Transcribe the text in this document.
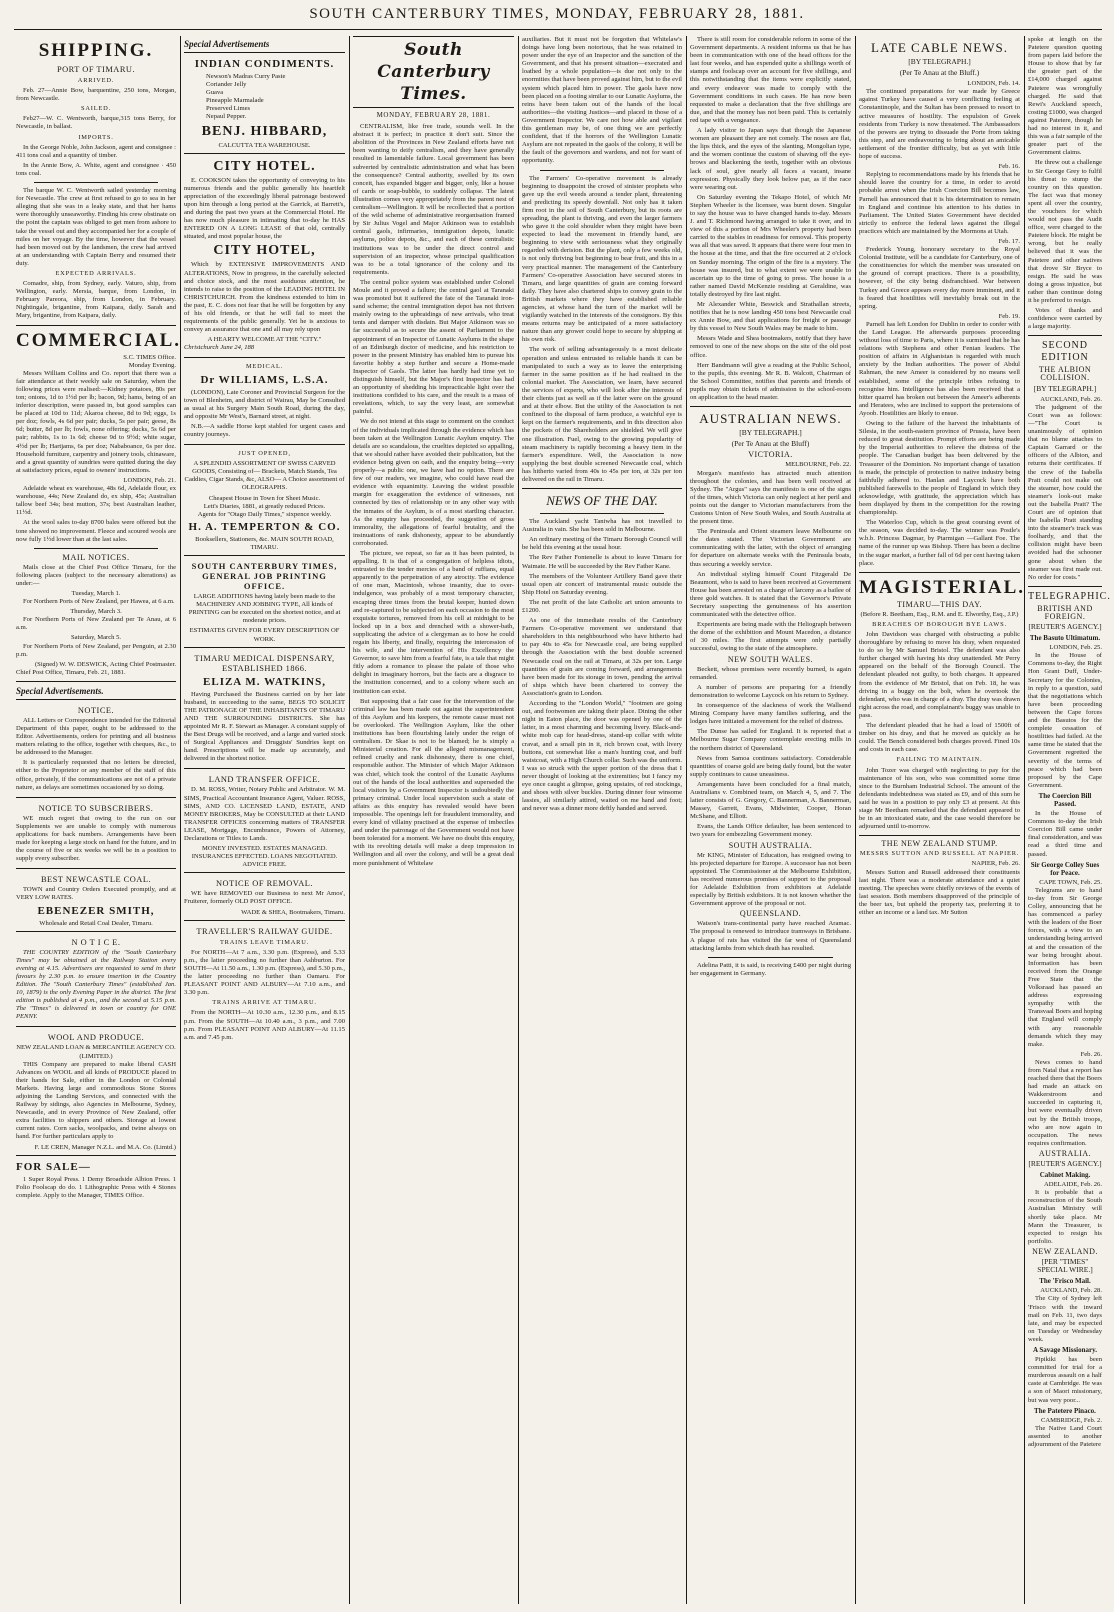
SOUTH CANTERBURY TIMES, MONDAY, FEBRUARY 28, 1881.
SHIPPING.
PORT OF TIMARU.
ARRIVED.

Feb. 27—Annie Bow, barquentine, 250 tons, Morgan, from Newcastle.

SAILED.

Feb27—W. C. Wentworth, barque,315 tons Berry, for Newcastle, in ballast.

IMPORTS.

In the George Noble, John Jackson, agent and consignee : 411 tons coal and a quantity of timber.

In the Annie Bow, A. White, agent and consignee · 450 tons coal.

The barque W. C. Wentworth sailed yesterday morning for Newcastle. The crew at first refused to go to sea in her alleging that she was in a leaky state, and that her hams were thoroughly unseaworthy. Finding his crew obstinate on the point the captain was obliged to get men from ashore to take the vessel out and they accompanied her for a couple of miles on her voyage. By the time, however that the vessel had been moved out by the landsmen, the crew had arrived at an understanding with Captain Berry and resumed their duty.

EXPECTED ARRIVALS.

Comadre, ship, from Sydney, early. Vaturo, ship, from Wellington, early. Mersia, barque, from London, in February Pareora, ship, from London, in February. Nightingale, brigantine, from Kaipara, daily. Sarah and Mary, brigantine, from Kaipara, daily.

COMMERCIAL.
S.C. TIMES Office.
Monday Evening.

Messrs William Collins and Co. report that there was a fair attendance at their weekly sale on Saturday, when the following prices were realised:—Kidney potatoes, 80s per ton; onions, 1d to 1½d per lb; bacon, 9d; hams, being of an inferior description, were passed in, but good samples can be placed at 10d to 11d; Akaroa cheese, 8d to 9d; eggs, 1s per doz; fowls, 4s 6d per pair; ducks, 5s per pair; geese, 8s 6d; butter, 8d per lb; fowls, none offering; ducks, 5s 6d per pair; rabbits, 1s to 1s 6d; cheese 9d to 9½d; white sugar, 4½d per lb; Hartjams, 6s per doz; Nababoance, 6s per doz. Household furniture, carpentry and joinery tools, chinaware, and a great quantity of sundries were quitted during the day at satisfactory prices, equal to owners' instructions.

LONDON, Feb. 21.

Adelaide wheat ex warehouse, 48s 6d, Adelaide flour, ex warehouse, 44s; New Zealand do, ex ship, 45s; Australian tallow beef 34s; best mutton, 37s; best Australian leather, 11½d.

At the wool sales to-day 8700 bales were offered but the tone showed no improvement. Fleece and scoured wools are now fully 1½d lower than at the last sales.

MAIL NOTICES.

Mails close at the Chief Post Office Timaru, for the following places (subject to the necessary alterations) as under:—

Tuesday, March 1.

For Northern Ports of New Zealand, per Hawea, at 6 a.m.

Thursday, March 3.

For Northern Ports of New Zealand per Te Anau, at 6 a.m.

Saturday, March 5.

For Northern Ports of New Zealand, per Penguin, at 2.30 p.m.

(Signed) W. W. DESWICK, Acting Chief Postmaster.

Chief Post Office, Timaru, Feb. 21, 1881.

Special Advertisements.
NOTICE.

ALL Letters or Correspondence intended for the Editorial Department of this paper, ought to be addressed to the Editor. Advertisements, orders for printing and all business matters relating to the office, together with cheques, &c., to be addressed to the Manager.

It is particularly requested that no letters be directed, either to the Proprietor or any member of the staff of this office, privately, if the communications are not of a private nature, as delays are sometimes occasioned by so doing.

NOTICE TO SUBSCRIBERS.

WE much regret that owing to the run on our Supplements we are unable to comply with numerous applications for back numbers. Arrangements have been made for keeping a large stock on hand for the future, and in the course of five or six weeks we will be in a position to supply every subscriber.

BEST NEWCASTLE COAL.

TOWN and Country Orders Executed promptly, and at VERY LOW RATES.

EBENEZER SMITH,
Wholesale and Retail Coal Dealer, Timaru.
N O T I C E.

THE COUNTRY EDITION of the "South Canterbury Times" may be obtained at the Railway Station every evening at 4.15. Advertisers are requested to send in their favours by 2.30 p.m. to ensure insertion in the Country Edition. The "South Canterbury Times" (established Jan. 10, 1879) is the only Evening Paper in the district. The first edition is published at 4 p.m., and the second at 5.15 p.m. The "Times" is delivered in town or country for ONE PENNY.

WOOL AND PRODUCE.
NEW ZEALAND LOAN & MERCANTILE AGENCY CO. (LIMITED.)

THIS Company are prepared to make liberal CASH Advances on WOOL and all kinds of PRODUCE placed in their hands for Sale, either in the London or Colonial Markets. Having large and commodious Stone Stores adjoining the Landing Services, and connected with the Railway by sidings, also Agencies in Melbourne, Sydney, Newcastle, and in every Province of New Zealand, offer extra facilities to shippers and others. Storage at lowest current rates. Corn sacks, woolpacks, and twine always on hand. For further particulars apply to

F. LE CREN, Manager N.Z.L. and M.A. Co. (Limtd.)
FOR SALE—

1 Super Royal Press. 1 Demy Broadside Albion Press. 1 Folio Foolscap do do. 1 Lithographic Press with 4 Stones complete. Apply to the Manager, TIMES Office.

Special Advertisements
INDIAN CONDIMENTS.
Newson's Madras Curry Paste
Coriander Jelly
Guava
Pineapple Marmalade
Preserved Limes
Nepaul Pepper.
BENJ. HIBBARD,
CALCUTTA TEA WAREHOUSE.
CITY HOTEL.

E. COOKSON takes the opportunity of conveying to his numerous friends and the public generally his heartfelt appreciation of the exceedingly liberal patronage bestowed upon him through a long period at the Garrick, at Barrett's, and during the past two years at the Commercial Hotel. He has now much pleasure in intimating that to-day he HAS ENTERED ON A LONG LEASE of that old, centrally situated, and most popular house, the

CITY HOTEL,

Which by EXTENSIVE IMPROVEMENTS AND ALTERATIONS, Now in progress, in the carefully selected and choice stock, and the most assiduous attention, he intends to raise to the position of the LEADING HOTEL IN CHRISTCHURCH. From the kindness extended to him in the past, E. C. does not fear that he will be forgotten by any of his old friends, or that he will fail to meet the requirements of the public generally. Yet he is anxious to convey an assurance that one and all may rely upon

A HEARTY WELCOME AT THE "CITY."

Christchurch June 24, 188

MEDICAL.
Dr WILLIAMS, L.S.A.

(LONDON), Late Coroner and Provincial Surgeon for the town of Blenheim, and district of Wairau, May be Consulted as usual at his Surgery Main South Road, during the day, and opposite Mr West's, Barnard street, at night.

N.B.—A saddle Horse kept stabled for urgent cases and country journeys.

JUST OPENED,

A SPLENDID ASSORTMENT OF SWISS CARVED GOODS, Consisting of— Brackets, Match Stands, Tea Caddies, Cigar Stands, &c, ALSO— A Choice assortment of OLEOGRAPHS.

Cheapest House in Town for Sheet Music.
Lett's Diaries, 1881, at greatly reduced Prices.
Agents for "Otago Daily Times," sixpence weekly.
H. A. TEMPERTON & CO.
Booksellers, Stationers, &c. MAIN SOUTH ROAD, TIMARU.
SOUTH CANTERBURY TIMES, GENERAL JOB PRINTING OFFICE.

LARGE ADDITIONS having lately been made to the MACHINERY AND JOBBING TYPE, All kinds of PRINTING can be executed on the shortest notice, and at moderate prices.

ESTIMATES GIVEN FOR EVERY DESCRIPTION OF WORK.
TIMARU MEDICAL DISPENSARY, ESTABLISHED 1866.
ELIZA M. WATKINS,

Having Purchased the Business carried on by her late husband, in succeeding to the same, BEGS TO SOLICIT THE PATRONAGE OF THE INHABITANTS OF TIMARU AND THE SURROUNDING DISTRICTS. She has appointed Mr R. F. Stewart as Manager. A constant supply of the Best Drugs will be received, and a large and varied stock of Surgical Appliances and Druggists' Sundries kept on hand. Prescriptions will be made up accurately, and delivered in the shortest notice.

LAND TRANSFER OFFICE.

D. M. ROSS, Writer, Notary Public and Arbitrator. W. M. SIMS, Practical Accountant Insurance Agent, Valuer. ROSS, SIMS, AND CO. LICENSED LAND, ESTATE, AND MONEY BROKERS, May be CONSULTED at their LAND TRANSFER OFFICES concerning matters of TRANSFER LEASE, Mortgage, Encumbrance, Powers of Attorney, Declarations or Titles to Lands.

MONEY INVESTED. ESTATES MANAGED. INSURANCES EFFECTED. LOANS NEGOTIATED. ADVICE FREE.
NOTICE OF REMOVAL.

WE have REMOVED our Business to next Mr Amos', Fruiterer, formerly OLD POST OFFICE.

WADE & SHEA, Bootmakers, Timaru.
TRAVELLER'S RAILWAY GUIDE.
TRAINS LEAVE TIMARU.

For NORTH—At 7 a.m., 3.30 p.m. (Express), and 5.33 p.m., the latter proceeding no further than Ashburton. For SOUTH—At 11.50 a.m., 1.30 p.m. (Express), and 5.30 p.m., the latter proceeding no further than Oamaru. For PLEASANT POINT AND ALBURY—At 7.10 a.m., and 3.30 p.m.

TRAINS ARRIVE AT TIMARU.

From the NORTH—At 10.30 a.m., 12.30 p.m., and 8.15 p.m. From the SOUTH—At 10.40 a.m., 3 p.m., and 7.00 p.m. From PLEASANT POINT AND ALBURY—At 11.15 a.m. and 7.45 p.m.

South Canterbury Times.
MONDAY, FEBRUARY 28, 1881.

CENTRALISM, like free trade, sounds well. In the abstract it is perfect; in practice it don't suit. Since the abolition of the Provinces in New Zealand efforts have not been wanting to deify centralism, and they have generally resulted in lamentable failure. Local government has been subverted by centralistic administration and what has been the consequence? Central authority, swelled by its own conceit, has expanded bigger and bigger, only, like a house of cards or soap-bubble, to suddenly collapse. The latest illustration comes very appropriately from the parent nest of centralism—Wellington. It will be recollected that a portion of the wild scheme of administrative reorganisation framed by Sir Julius Vogel and Major Atkinson was to establish central gaols, infirmaries, immigration depots, lunatic asylums, police depots, &c., and each of these centralistic institutions was to be under the direct control and supervision of an inspector, whose principal qualification was to be a total ignorance of the colony and its requirements.

The central police system was established under Colonel Moule and it proved a failure; the central gaol at Taranaki was promoted but it suffered the fate of the Taranaki iron-sand scheme; the central immigration depot has not thriven mainly owing to the upbraidings of new arrivals, who treat tents and damper with disdain. But Major Atkinson was so far successful as to secure the assent of Parliament to the appointment of an Inspector of Lunatic Asylums in the shape of an Edinburgh doctor of medicine, and his restriction to power in the present Ministry has enabled him to pursue his favorite hobby a step further and secure a Home-made Inspector of Gaols. The latter has hardly had time yet to distinguish himself, but the Major's first Inspector has had an opportunity of shedding his impracticable light over the institutions confided to his care, and the result is a mass of revelations, which, to say the very least, are somewhat painful.

We do not intend at this stage to comment on the conduct of the individuals implicated through the evidence which has been taken at the Wellington Lunatic Asylum enquiry. The details are so scandalous, the cruelties depicted so appalling, that we should rather have avoided their publication, but the evidence being given on oath, and the enquiry being—very properly—a public one, we have had no option. There are few of our readers, we imagine, who could have read the evidence with equanimity. Leaving the widest possible margin for exaggeration the evidence of witnesses, not connected by ties of relationship or in any other way with the inmates of the Asylum, is of a most startling character. As the enquiry has proceeded, the suggestion of gross immorality, the allegations of fearful brutality, and the insinuations of rank dishonesty, appear to be abundantly corroborated.

The picture, we repeat, so far as it has been painted, is appalling. It is that of a congregation of helpless idiots, entrusted to the tender mercies of a band of ruffians, equal apparently to the perpetration of any atrocity. The evidence of one man, Macintosh, whose insanity, due to over-indulgence, was probably of a most temporary character, escaping three times from the brutal keeper, hunted down and re-captured to be subjected on each occasion to the most exquisite tortures, removed from his cell at midnight to be locked up in a box and drenched with a shower-bath, supplicating the advice of a clergyman as to how he could regain his liberty, and finally, requiring the intercession of his wife, and the intervention of His Excellency the Governor, to save him from a fearful fate, is a tale that might fitly adorn a romance to please the palate of those who delight in imaginary horrors, but the facts are a disgrace to the institution concerned, and to a colony where such an institution can exist.

But supposing that a fair case for the intervention of the criminal law has been made out against the superintendent of this Asylum and his keepers, the remote cause must not be overlooked. The Wellington Asylum, like the other institutions has been flourishing lately under the reign of centralism. Dr Skae is not to be blamed; he is simply a Ministerial creation. For all the alleged mismanagement, refined cruelty and rank dishonesty, there is one chief, responsible author. The Minister of which Major Atkinson was chief, which took the control of the Lunatic Asylums out of the hands of the local authorities and superseded the local visitors by a Government Inspector is undoubtedly the primary criminal. Under local supervision such a state of affairs as this enquiry has revealed would have been impossible. The openings left for fraudulent immorality, and every kind of villainy practised at the expense of imbeciles and under the patronage of the Government would not have been tolerated for a moment. We have no doubt this enquiry, with its revolting details will make a deep impression in Wellington and all over the colony, and will be a great deal more punishment of Whitelaw

auxiliaries. But it must not be forgotten that Whitelaw's doings have long been notorious, that he was retained in power under the eye of an Inspector and the sanction of the Government, and that his present situation—execrated and loathed by a whole population—is due not only to the enormities that have been proved against him, but to the evil system which placed him in power. The gaols have now been placed on a footing similar to our Lunatic Asylums, the reins have been taken out of the hands of the local authorities—the visiting Justices—and placed in those of a Government Inspector. We care not how able and vigilant this gentleman may be, of one thing we are perfectly confident, that if the horrors of the Wellington Lunatic Asylum are not repeated in the gaols of the colony, it will be the fault of the governors and wardens, and not for want of opportunity.

The Farmers' Co-operative movement is already beginning to disappoint the crowd of sinister prophets who gave up the evil weeds around a tender plant, threatening and predicting its speedy downfall. Not only has it taken firm root in the soil of South Canterbury, but its roots are spreading, the plant is thriving, and even the larger farmers who gave it the cold shoulder when they might have been expected to lead the movement in friendly hand, are beginning to view with seriousness what they originally regarded with derision. But the plant, only a few weeks old, is not only thriving but beginning to bear fruit, and this in a very practical manner. The management of the Canterbury Farmers' Co-operative Association have secured stores in Timaru, and large quantities of grain are coming forward daily. They have also chartered ships to convey grain to the British markets where they have established reliable agencies, at whose hand the turn of the market will be vigilantly watched in the interests of the consignors. By this means returns may be anticipated of a more satisfactory nature than any grower could hope to secure by shipping at his own risk.

The work of selling advantageously is a most delicate operation and unless entrusted to reliable hands it can be manipulated to such a way as to leave the enterprising farmer in the same position as if he had realised in the colonial market. The Association, we learn, have secured the services of experts, who will look after the interests of their clients just as well as if the latter were on the ground and at their elbow. But the utility of the Association is not confined to the disposal of farm produce, a watchful eye is kept on the farmer's requirements, and in this direction also the pockets of the Shareholders are shielded. We will give one illustration. Fuel, owing to the growing popularity of steam machinery is rapidly becoming a heavy item in the farmer's expenditure. Well, the Association is now supplying the best double screened Newcastle coal, which has hitherto varied from 40s to 45s per ton, at 32s per ton delivered on the rail in Timaru.

NEWS OF THE DAY.

The Auckland yacht Taniwha has not travelled to Australia in vain. She has been sold in Melbourne.

An ordinary meeting of the Timaru Borough Council will be held this evening at the usual hour.

The Rev Father Fontenelle is about to leave Timaru for Waimate. He will be succeeded by the Rev Father Kane.

The members of the Volunteer Artillery Band gave their usual open air concert of instrumental music outside the Ship Hotel on Saturday evening.

The net profit of the late Catholic art union amounts to £1200.

As one of the immediate results of the Canterbury Farmers Co-operative movement we understand that shareholders in this neighbourhood who have hitherto had to pay 40s to 45s for Newcastle coal, are being supplied through the Association with the best double screened Newcastle coal on the rail at Timaru, at 32s per ton. Large quantities of grain are coming forward, and arrangements have been made for its storage in town, pending the arrival of ships which have been chartered to convey the Association's grain to London.

According to the "London World," "footmen are going out, and footwomen are taking their place. Dining the other night in Eaton place, the door was opened by one of the latter, in a most charming and becoming livery. Black-and-white mob cap for head-dress, stand-up collar with white cravat, and a small pin in it, rich brown coat, with livery buttons, cut somewhat like a man's hunting coat, and buff waistcoat, with a High Church collar. Such was the uniform. I was so struck with the upper portion of the dress that I never thought of looking at the extremities; but I fancy my eye once caught a glimpse, going upstairs, of red stockings, and shoes with silver buckles. During dinner four winsome lassies, all similarly attired, waited on me hand and foot; and never was a dinner more deftly handed and served.

There is still room for considerable reform in some of the Government departments. A resident informs us that he has been in communication with one of the head offices for the last four weeks, and has expended quite a shillings worth of stamps and foolscap over an account for five shillings, and this notwithstanding that the items were explicitly stated, and every endeavor was made to comply with the Government conditions in such cases. He has now been requested to make a declaration that the five shillings are due, and that the money has not been paid. This is certainly red tape with a vengeance.

A lady visitor to Japan says that though the Japanese women are pleasant they are not comely. The noses are flat, the lips thick, and the eyes of the slanting, Mongolian type, and the women continue the custom of shaving off the eye-brows and blackening the teeth, together with an obvious lack of soul, give nearly all faces a vacant, insane expression. Physically they look below par, as if the race were wearing out.

On Saturday evening the Tekapo Hotel, of which Mr Stephen Wheeler is the licensee, was burnt down. Singular to say the house was to have changed hands to-day. Messrs J. and T. Richmond having arranged to take it over, and in view of this a portion of Mrs Wheeler's property had been carried to the stables in readiness for removal. This property was all that was saved. It appears that there were four men in the house at the time, and that the fire occurred at 2 o'clock on Sunday morning. The origin of the fire is a mystery. The house was insured, but to what extent we were unable to ascertain up to the time of going to press. The house is a rather named David McKenzie residing at Geraldine, was totally destroyed by fire last night.

Mr Alexander White, Beswick and Strathallan streets, notifies that he is now landing 450 tons best Newcastle coal ex Annie Bow, and that applications for freight or passage by this vessel to New South Wales may be made to him.

Messrs Wade and Shea bootmakers, notify that they have removed to one of the new shops on the site of the old post office.

Herr Bandmann will give a reading at the Public School, to the pupils, this evening. Mr R. B. Walcott, Chairman of the School Committee, notifies that parents and friends of pupils may obtain tickets of admission to the school-room on application to the head master.

AUSTRALIAN NEWS.
[BY TELEGRAPH.]
(Per Te Anau at the Bluff)
VICTORIA.
MELBOURNE, Feb. 22.

Morgan's manifesto has attracted much attention throughout the colonies, and has been well received at Sydney. The "Argus" says the manifesto is one of the signs of the times, which Victoria can only neglect at her peril and points out the danger to Victorian manufacturers from the Customs Union of New South Wales, and South Australia at the present time.

The Peninsula and Orient steamers leave Melbourne on the dates stated. The Victorian Government are communicating with the latter, with the object of arranging for departure on alternate weeks with the Peninsula boats, thus securing a weekly service.

An individual styling himself Count Fitzgerald De Beaumont, who is said to have been received at Government House has been arrested on a charge of larceny as a bailee of three gold watches. It is stated that the Governor's Private Secretary suspecting the genuineness of his assertion communicated with the detective office.

Experiments are being made with the Heliograph between the dome of the exhibition and Mount Macedon, a distance of 30 miles. The first attempts were only partially successful, owing to the state of the atmosphere.

NEW SOUTH WALES.

Beckett, whose premises were recently burned, is again remanded.

A number of persons are preparing for a friendly demonstration to welcome Laycock on his return to Sydney.

In consequence of the slackness of work the Wallsend Mining Company have many families suffering, and the lodges have initiated a movement for the relief of distress.

The Dunse has sailed for England. It is reported that a Melbourne Sugar Company contemplate erecting mills in the northern district of Queensland.

News from Samoa continues satisfactory. Considerable quantities of coarse gold are being daily found, but the water supply continues to cause uneasiness.

Arrangements have been concluded for a final match, Australians v. Combined team, on March 4, 5, and 7. The latter consists of G. Gregory, C. Bannerman, A. Bannerman, Massey, Garrett, Evans, Midwinter, Cooper, Horan McShane, and Elliott.

Evans, the Lands Office defaulter, has been sentenced to two years for embezzling Government money.

SOUTH AUSTRALIA.

Mr KING, Minister of Education, has resigned owing to his projected departure for Europe. A successor has not been appointed. The Commissioner at the Melbourne Exhibition, has received numerous promises of support to the proposal for Adelaide Exhibition from exhibitors at Adelaide especially by British exhibitors. It is not known whether the Government approve of the proposal or not.

QUEENSLAND.

Watson's trans-continental party have reached Aramac. The proposal is renewed to introduce tramways in Brisbane. A plague of rats has visited the far west of Queensland attacking lambs from which death has resulted.

Adelina Patti, it is said, is receiving £400 per night during her engagement in Germany.

LATE CABLE NEWS.
[BY TELEGRAPH.]
(Per Te Anau at the Bluff.)
LONDON, Feb. 14.

The continued preparations for war made by Greece against Turkey have caused a very conflicting feeling at Constantinople, and the Sultan has been pressed to resort to active measures of hostility. The expulsion of Greek residents from Turkey is now threatened. The Ambassadors of the powers are trying to dissuade the Porte from taking this step, and are endeavouring to bring about an amicable settlement of the frontier difficulty, but as yet with little hope of success.

Feb. 16.

Replying to recommendations made by his friends that he should leave the country for a time, in order to avoid probable arrest when the Irish Coercion Bill becomes law, Parnell has announced that it is his determination to remain in England and continue his attention to his duties in Parliament. The United States Government have decided strictly to enforce the federal laws against the illegal practices which are maintained by the Mormons at Utah.

Feb. 17.

Frederick Young, honorary secretary to the Royal Colonial Institute, will be a candidate for Canterbury, one of the constituencies for which the member was unseated on the ground of corrupt practices. There is a possibility, however, of the city being disfranchised. War between Turkey and Greece appears every day more imminent, and it is feared that hostilities will inevitably break out in the spring.

Feb. 19.

Parnell has left London for Dublin in order to confer with the Land League. He afterwards purposes proceeding without loss of time to Paris, where it is surmised that he has relations with Stephens and other Fenian leaders. The position of affairs in Afghanistan is regarded with much anxiety by the Indian authorities. The power of Abdul Rahman, the new Ameer is considered by no means well established, some of the principle tribes refusing to recognise him. Intelligence has also been received that a bitter quarrel has broken out between the Ameer's adherents and Heratees, who are inclined to support the pretensions of Ayoob. Hostilities are likely to ensue.

Owing to the failure of the harvest the inhabitants of Silesia, in the south-eastern province of Prussia, have been reduced to great destitution. Prompt efforts are being made by the Imperial authorities to relieve the distress of the people. The Canadian budget has been delivered by the Treasurer of the Dominion. No important change of taxation is made, the principle of protection to native industry being faithfully adhered to. Hanlan and Laycock have both published farewells to the people of England in which they acknowledge, with gratitude, the appreciation which has been displayed by them in the competition for the rowing championship.

The Waterloo Cup, which is the great coursing event of the season, was decided to-day. The winner was Postle's w.b.b. Princess Dagmar, by Ptarmigan —Gallant Foe. The name of the runner up was Bishop. There has been a decline in the sugar market, a further fall of 6d per cent having taken place.

MAGISTERIAL.
TIMARU—THIS DAY.
(Before R. Beetham, Esq., R.M. and E. Elworthy, Esq., J.P.)
BREACHES OF BOROUGH BYE LAWS.

John Davidson was charged with obstructing a public thoroughfare by refusing to move his dray, when requested to do so by Mr Samuel Bristol. The defendant was also further charged with having his dray unattended. Mr Perry appeared on the behalf of the Borough Council. The defendant pleaded not guilty, to both charges. It appeared from the evidence of Mr Bristol, that on Feb. 18, he was driving in a buggy on the bolt, when he overtook the defendant, who was in charge of a dray. The dray was drawn right across the road, and complainant's buggy was unable to pass.

The defendant pleaded that he had a load of 1500ft of timber on his dray, and that he moved as quickly as he could. The Bench considered both charges proved. Fined 10s and costs in each case.

FAILING TO MAINTAIN.

John Tozer was charged with neglecting to pay for the maintenance of his son, who was committed some time since to the Burnham Industrial School. The amount of the defendants indebtedness was stated as £9, and of this sum he said he was in a position to pay only £3 at present. At this stage Mr Beetham remarked that the defendant appeared to be in an intoxicated state, and the case would therefore be adjourned until to-morrow.

THE NEW ZEALAND STUMP.
MESSRS SUTTON AND RUSSELL AT NAPIER.
NAPIER, Feb. 26.

Messrs Sutton and Russell addressed their constituents last night. There was a moderate attendance and a quiet meeting. The speeches were chiefly reviews of the events of last session. Both members disapproved of the principle of the beer tax, but upheld the property tax, preferring it to either an income or a land tax. Mr Sutton

spoke at length on the Patetere question quoting from papers laid before the House to show that by far the greater part of the £14,000 charged against Patetere was wrongfully charged. He said that Rewi's Auckland speech, costing £1000, was charged against Patetere, though he had no interest in it, and this was a fair sample of the greater part of the Government claims.

He threw out a challenge to Sir George Grey to fulfil his threat to stump the country on this question. The fact was that money spent all over the country, the vouchers for which would not pass the Audit office, were charged to the Patetere block. He might be wrong, but he really believed that it was the Patetere and other natives that drove Sir Bryce to resign. He said he was doing a gross injustice, but rather than continue doing it he preferred to resign.

Votes of thanks and confidence were carried by a large majority.

SECOND EDITION
THE ALBION COLLISION.
[BY TELEGRAPH.]
AUCKLAND, Feb. 26.

The judgment of the Court was as follows:—"The Court is unanimously of opinion that no blame attaches to Captain Garrard or the officers of the Albion, and returns their certificates. If the crew of the Isabella Pratt could not make out the steamer, how could the steamer's look-out make out the Isabella Pratt? The Court are of opinion that the Isabella Pratt standing into the steamer's track was foolhardy, and that the collision might have been avoided had the schooner gone about when the steamer was first made out. No order for costs."

TELEGRAPHIC.
BRITISH AND FOREIGN.
[REUTER'S AGENCY.]
The Basuto Ultimatum.
LONDON, Feb. 25.

In the House of Commons to-day, the Right Hon Grant Duff, Under-Secretary for the Colonies, in reply to a question, said that the negotiations which have been proceeding between the Cape forces and the Basutos for the complete cessation of hostilities had failed. At the same time he stated that the Government regretted the severity of the terms of peace which had been proposed by the Cape Government.

The Coercion Bill Passed.

In the House of Commons to-day the Irish Coercion Bill came under final consideration, and was read a third time and passed.

Sir George Colley Sues for Peace.
CAPE TOWN, Feb. 25.

Telegrams are to hand to-day from Sir George Colley, announcing that he has commenced a parley with the leaders of the Boer forces, with a view to an understanding being arrived at and the cessation of the war being brought about. Information has been received from the Orange Free State that the Volksraad has passed an address expressing sympathy with the Transvaal Boers and hoping that England will comply with any reasonable demands which they may make.

Feb. 26.

News comes to hand from Natal that a report has reached there that the Boers had made an attack on Wakkerstroom and succeeded in capturing it, but were eventually driven out by the British troops, who are now again in occupation. The news requires confirmation.

AUSTRALIA.
[REUTER'S AGENCY.]
Cabinet Making.
ADELAIDE, Feb. 26.

It is probable that a reconstruction of the South Australian Ministry will shortly take place. Mr Mann the Treasurer, is expected to resign his portfolio.

NEW ZEALAND.
[PER "TIMES" SPECIAL WIRE.]
The 'Frisco Mail.
AUCKLAND, Feb. 28.

The City of Sydney left 'Frisco with the inward mail on Feb. 11, two days late, and may be expected on Tuesday or Wednesday week.

A Savage Missionary.

Pipikiki has been committed for trial for a murderous assault on a half caste at Cambridge. He was a son of Maori missionary, but was very poor...

The Patetere Pinaco.
CAMBRIDGE, Feb. 2.

The Native Land Court assented to another adjournment of the Patetere
